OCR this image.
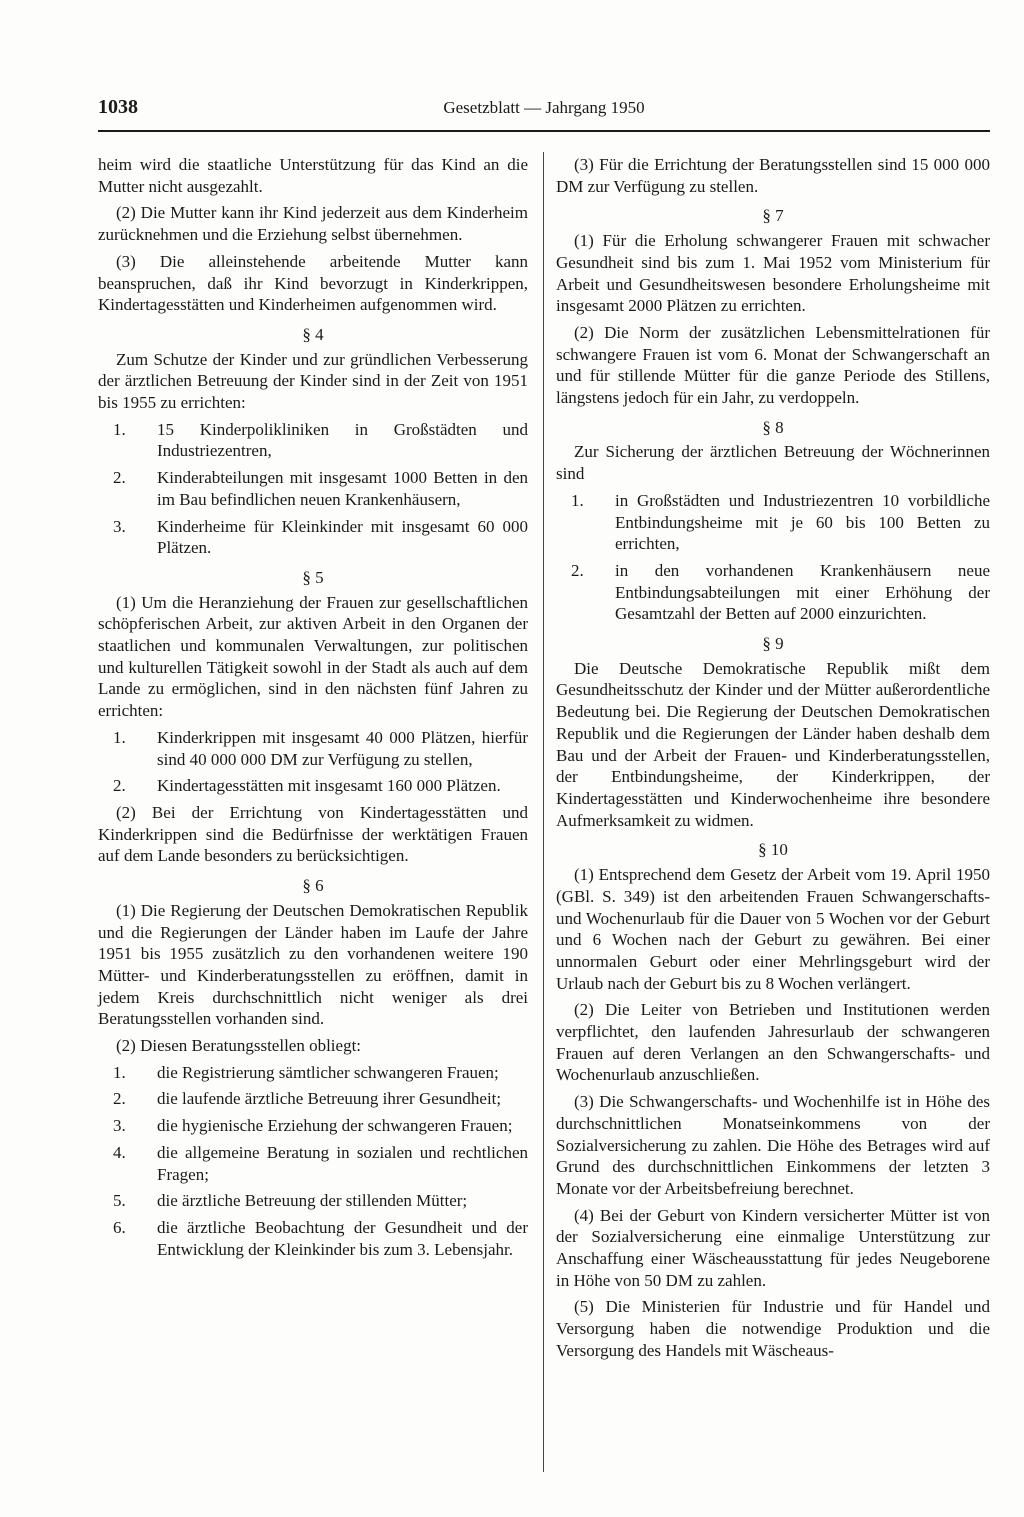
1038	Gesetzblatt — Jahrgang 1950

heim wird die staatliche Unterstützung für das Kind an die Mutter nicht ausgezahlt.

(2) Die Mutter kann ihr Kind jederzeit aus dem Kinderheim zurücknehmen und die Erziehung selbst übernehmen.

(3) Die alleinstehende arbeitende Mutter kann beanspruchen, daß ihr Kind bevorzugt in Kinderkrippen, Kindertagesstätten und Kinderheimen aufgenommen wird.

§ 4

Zum Schutze der Kinder und zur gründlichen Verbesserung der ärztlichen Betreuung der Kinder sind in der Zeit von 1951 bis 1955 zu errichten:

1.	15 Kinderpolikliniken in Großstädten und Industriezentren,
2.	Kinderabteilungen mit insgesamt 1000 Betten in den im Bau befindlichen neuen Krankenhäusern,
3.	Kinderheime für Kleinkinder mit insgesamt 60 000 Plätzen.
§ 5

(1) Um die Heranziehung der Frauen zur gesellschaftlichen schöpferischen Arbeit, zur aktiven Arbeit in den Organen der staatlichen und kommunalen Verwaltungen, zur politischen und kulturellen Tätigkeit sowohl in der Stadt als auch auf dem Lande zu ermöglichen, sind in den nächsten fünf Jahren zu errichten:

1.	Kinderkrippen mit insgesamt 40 000 Plätzen, hierfür sind 40 000 000 DM zur Verfügung zu stellen,
2.	Kindertagesstätten mit insgesamt 160 000 Plätzen.

(2) Bei der Errichtung von Kindertagesstätten und Kinderkrippen sind die Bedürfnisse der werktätigen Frauen auf dem Lande besonders zu berücksichtigen.

§ 6

(1) Die Regierung der Deutschen Demokratischen Republik und die Regierungen der Länder haben im Laufe der Jahre 1951 bis 1955 zusätzlich zu den vorhandenen weitere 190 Mütter- und Kinderberatungsstellen zu eröffnen, damit in jedem Kreis durchschnittlich nicht weniger als drei Beratungsstellen vorhanden sind.

(2) Diesen Beratungsstellen obliegt:

1.	die Registrierung sämtlicher schwangeren Frauen;
2.	die laufende ärztliche Betreuung ihrer Gesundheit;
3.	die hygienische Erziehung der schwangeren Frauen;
4.	die allgemeine Beratung in sozialen und rechtlichen Fragen;
5.	die ärztliche Betreuung der stillenden Mütter;
6.	die ärztliche Beobachtung der Gesundheit und der Entwicklung der Kleinkinder bis zum 3. Lebensjahr.

(3) Für die Errichtung der Beratungsstellen sind 15 000 000 DM zur Verfügung zu stellen.

§ 7

(1) Für die Erholung schwangerer Frauen mit schwacher Gesundheit sind bis zum 1. Mai 1952 vom Ministerium für Arbeit und Gesundheitswesen besondere Erholungsheime mit insgesamt 2000 Plätzen zu errichten.

(2) Die Norm der zusätzlichen Lebensmittelrationen für schwangere Frauen ist vom 6. Monat der Schwangerschaft an und für stillende Mütter für die ganze Periode des Stillens, längstens jedoch für ein Jahr, zu verdoppeln.

§ 8

Zur Sicherung der ärztlichen Betreuung der Wöchnerinnen sind

1.	in Großstädten und Industriezentren 10 vorbildliche Entbindungsheime mit je 60 bis 100 Betten zu errichten,
2.	in den vorhandenen Krankenhäusern neue Entbindungsabteilungen mit einer Erhöhung der Gesamtzahl der Betten auf 2000 einzurichten.
§ 9

Die Deutsche Demokratische Republik mißt dem Gesundheitsschutz der Kinder und der Mütter außerordentliche Bedeutung bei. Die Regierung der Deutschen Demokratischen Republik und die Regierungen der Länder haben deshalb dem Bau und der Arbeit der Frauen- und Kinderberatungsstellen, der Entbindungsheime, der Kinderkrippen, der Kindertagesstätten und Kinderwochenheime ihre besondere Aufmerksamkeit zu widmen.

§ 10

(1) Entsprechend dem Gesetz der Arbeit vom 19. April 1950 (GBl. S. 349) ist den arbeitenden Frauen Schwangerschafts- und Wochenurlaub für die Dauer von 5 Wochen vor der Geburt und 6 Wochen nach der Geburt zu gewähren. Bei einer unnormalen Geburt oder einer Mehrlingsgeburt wird der Urlaub nach der Geburt bis zu 8 Wochen verlängert.

(2) Die Leiter von Betrieben und Institutionen werden verpflichtet, den laufenden Jahresurlaub der schwangeren Frauen auf deren Verlangen an den Schwangerschafts- und Wochenurlaub anzuschließen.

(3) Die Schwangerschafts- und Wochenhilfe ist in Höhe des durchschnittlichen Monatseinkommens von der Sozialversicherung zu zahlen. Die Höhe des Betrages wird auf Grund des durchschnittlichen Einkommens der letzten 3 Monate vor der Arbeitsbefreiung berechnet.

(4) Bei der Geburt von Kindern versicherter Mütter ist von der Sozialversicherung eine einmalige Unterstützung zur Anschaffung einer Wäscheausstattung für jedes Neugeborene in Höhe von 50 DM zu zahlen.

(5) Die Ministerien für Industrie und für Handel und Versorgung haben die notwendige Produktion und die Versorgung des Handels mit Wäscheaus-
